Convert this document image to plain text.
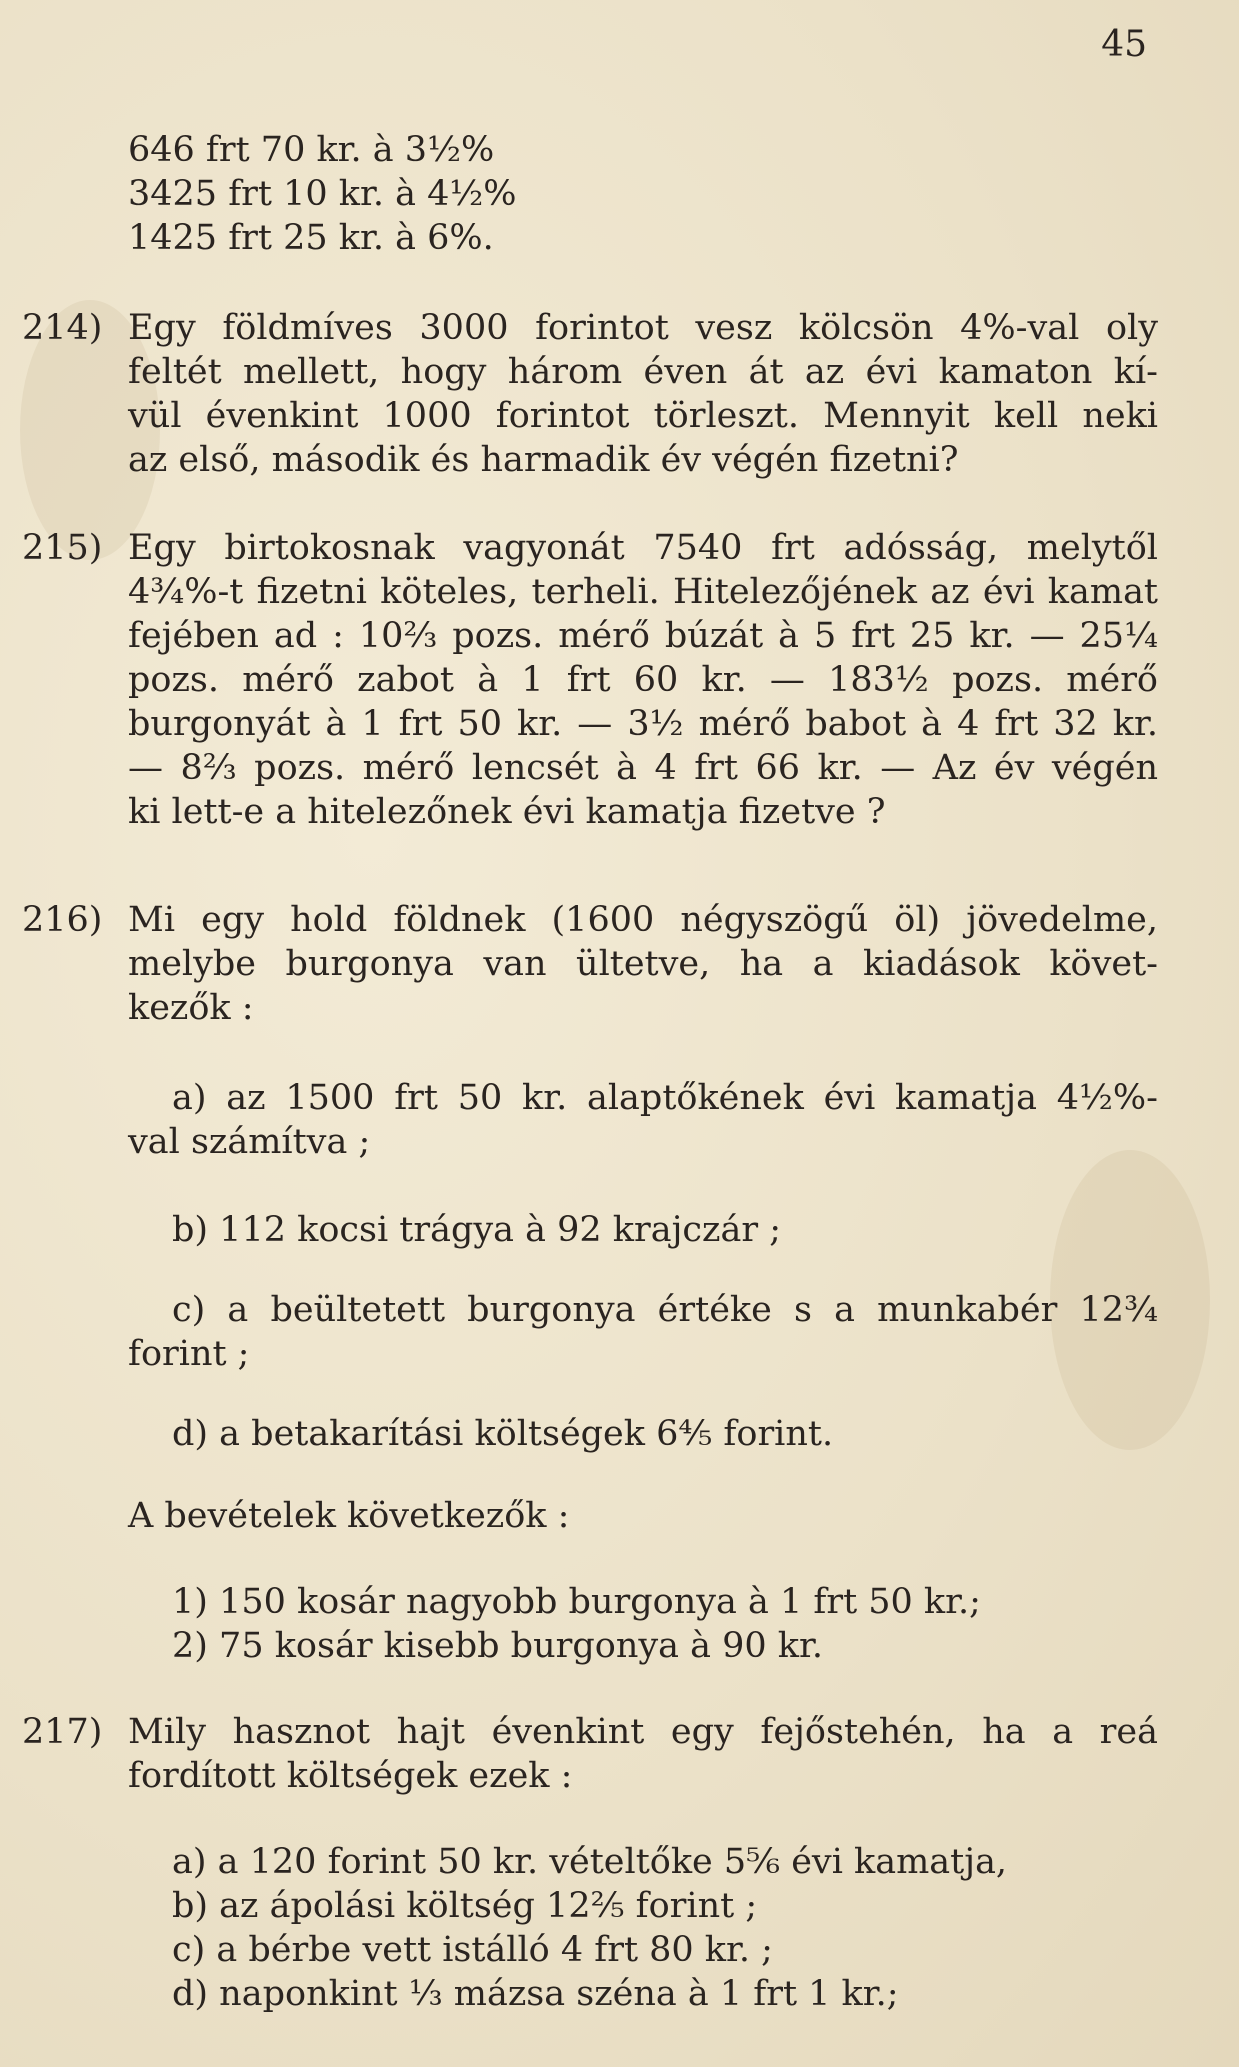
45
646 frt 70 kr. à 3½%
3425 frt 10 kr. à 4½%
1425 frt 25 kr. à 6%.
214) Egy földmíves 3000 forintot vesz kölcsön 4%-val oly
feltét mellett, hogy három éven át az évi kamaton kí-
vül évenkint 1000 forintot törleszt. Mennyit kell neki
az első, második és harmadik év végén fizetni?
215) Egy birtokosnak vagyonát 7540 frt adósság, melytől
4¾%-t fizetni köteles, terheli. Hitelezőjének az évi kamat
fejében ad : 10⅔ pozs. mérő búzát à 5 frt 25 kr. — 25¼
pozs. mérő zabot à 1 frt 60 kr. — 183½ pozs. mérő
burgonyát à 1 frt 50 kr. — 3½ mérő babot à 4 frt 32 kr.
— 8⅔ pozs. mérő lencsét à 4 frt 66 kr. — Az év végén
ki lett-e a hitelezőnek évi kamatja fizetve ?
216) Mi egy hold földnek (1600 négyszögű öl) jövedelme,
melybe burgonya van ültetve, ha a kiadások követ-
kezők :
a) az 1500 frt 50 kr. alaptőkének évi kamatja 4½%-
val számítva ;
b) 112 kocsi trágya à 92 krajczár ;
c) a beültetett burgonya értéke s a munkabér 12¾
forint ;
d) a betakarítási költségek 6⅘ forint.
A bevételek következők :
1) 150 kosár nagyobb burgonya à 1 frt 50 kr.;
2) 75 kosár kisebb burgonya à 90 kr.
217) Mily hasznot hajt évenkint egy fejőstehén, ha a reá
fordított költségek ezek :
a) a 120 forint 50 kr. vételtőke 5⅚ évi kamatja,
b) az ápolási költség 12⅖ forint ;
c) a bérbe vett istálló 4 frt 80 kr. ;
d) naponkint ⅓ mázsa széna à 1 frt 1 kr.;
